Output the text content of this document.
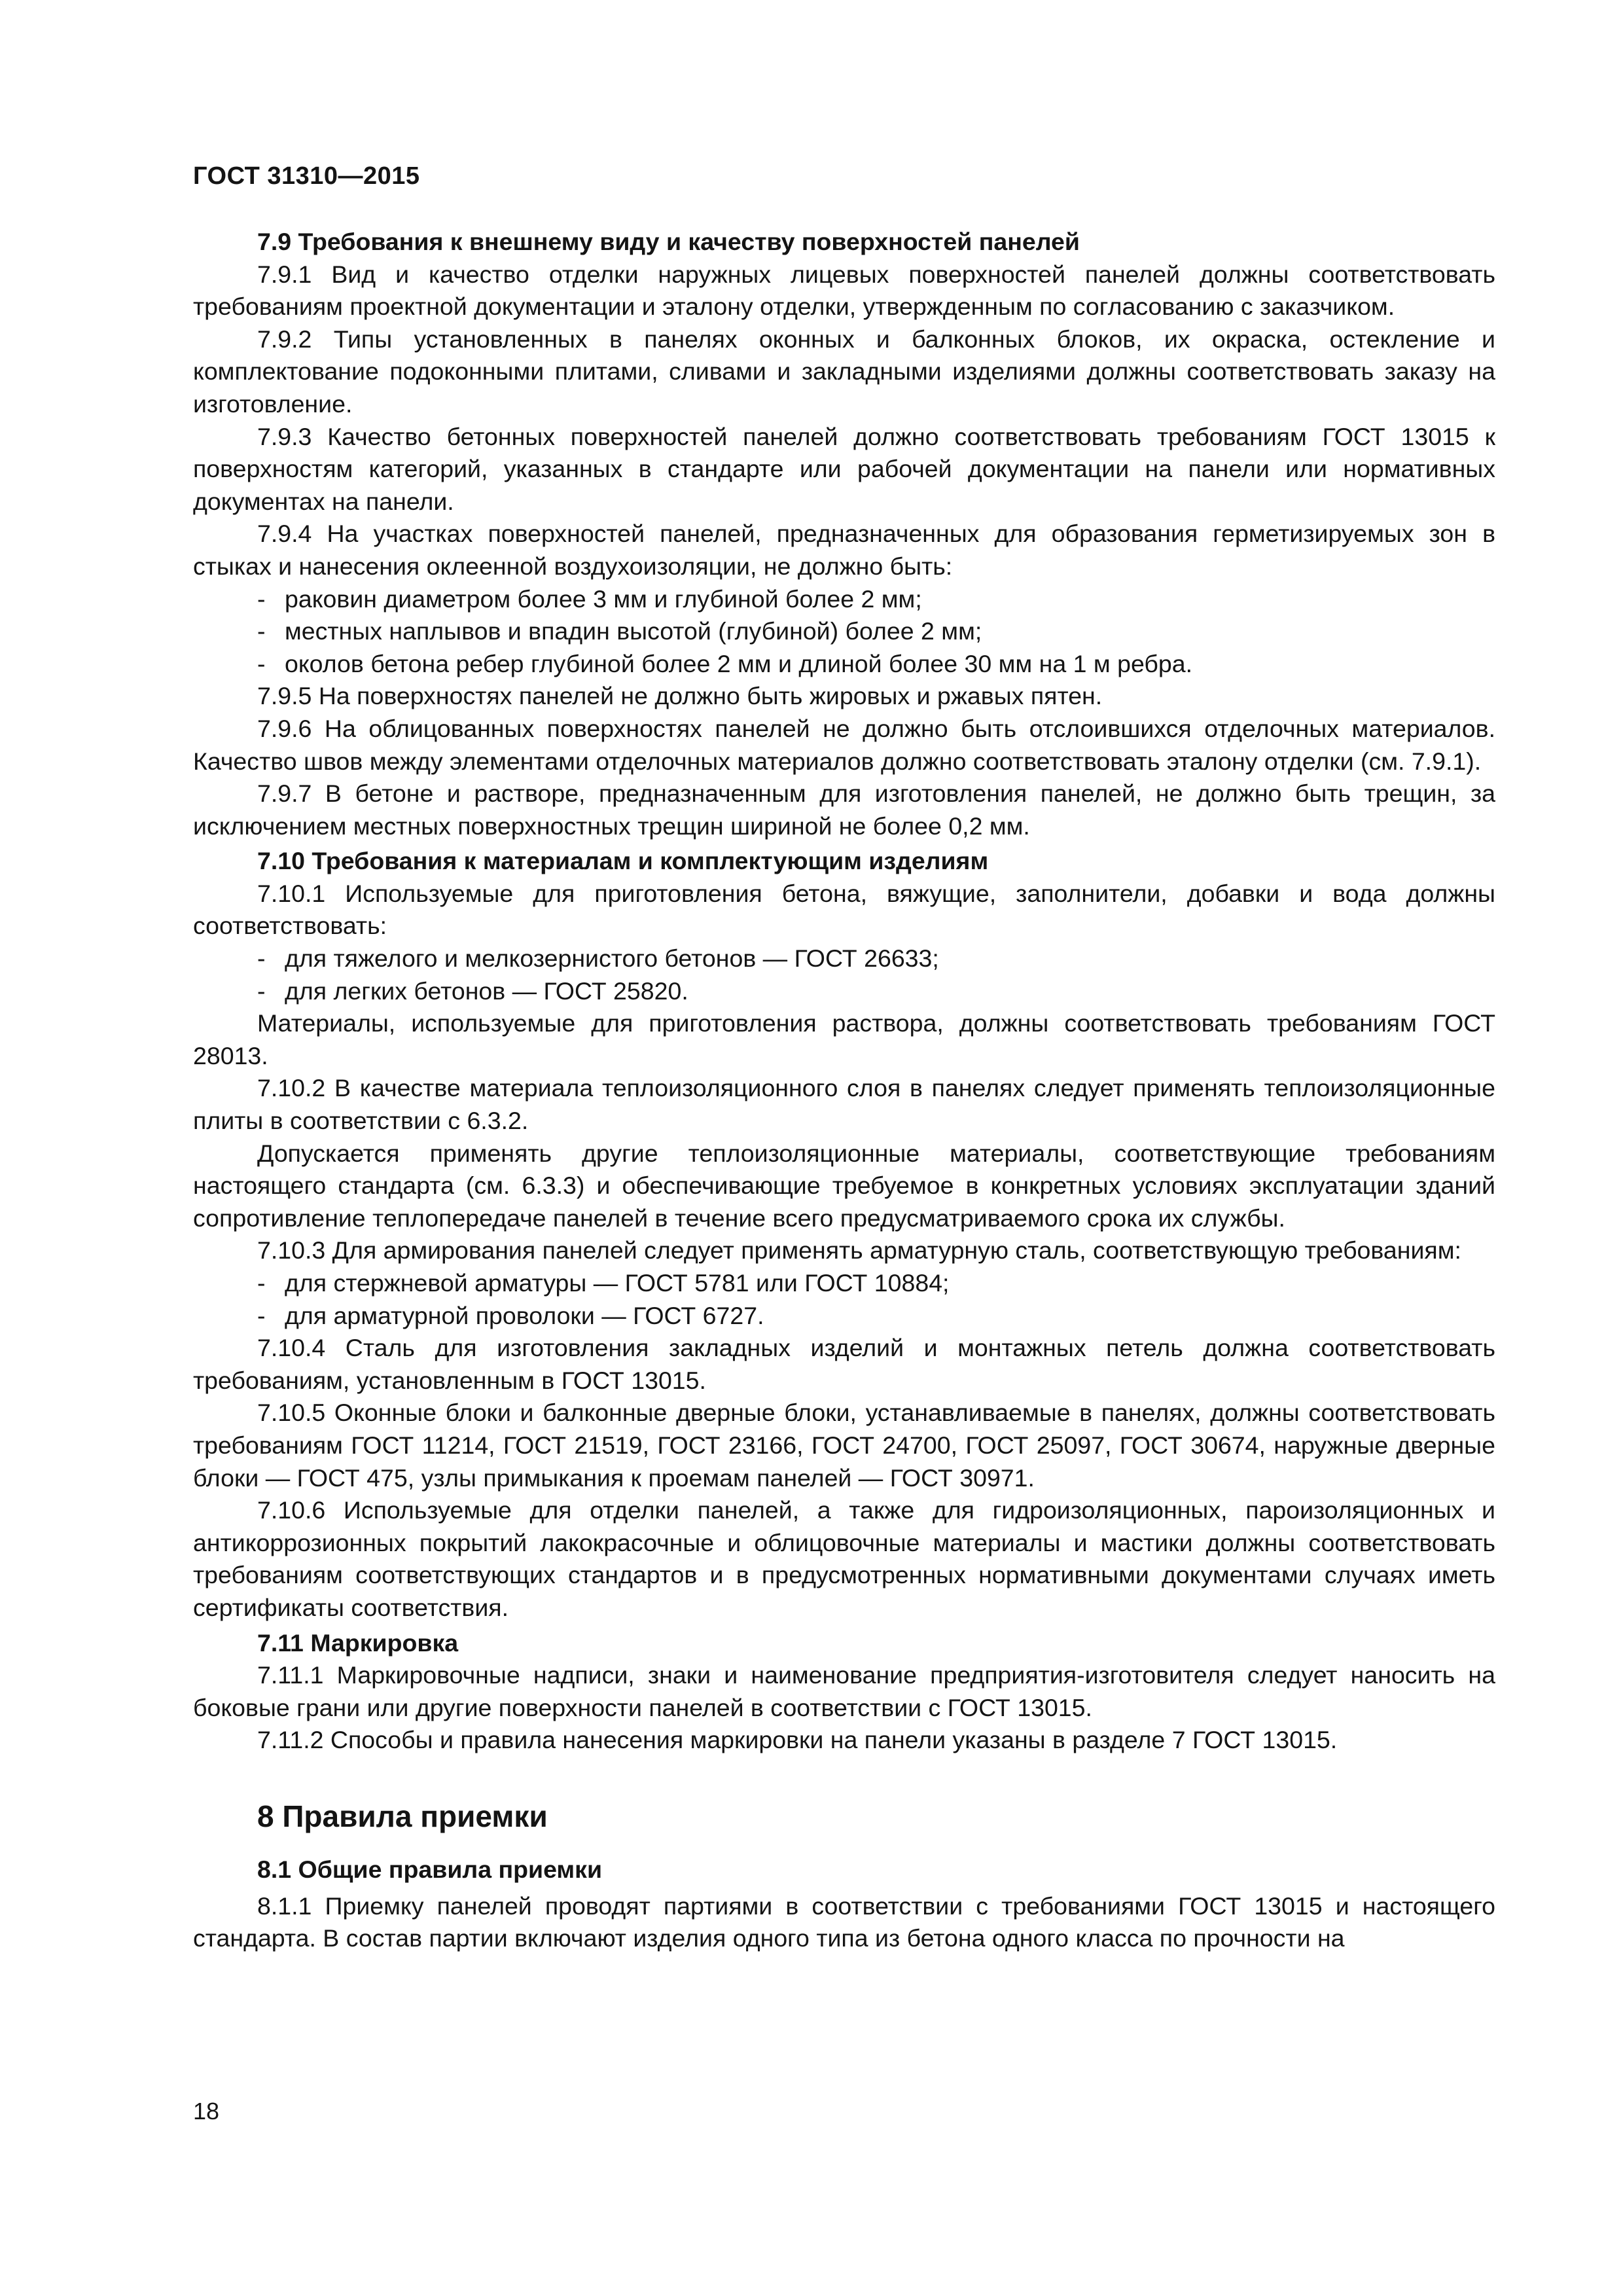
ГОСТ 31310—2015
7.9 Требования к внешнему виду и качеству поверхностей панелей

7.9.1 Вид и качество отделки наружных лицевых поверхностей панелей должны соответствовать требованиям проектной документации и эталону отделки, утвержденным по согласованию с заказчиком.

7.9.2 Типы установленных в панелях оконных и балконных блоков, их окраска, остекление и комплектование подоконными плитами, сливами и закладными изделиями должны соответствовать заказу на изготовление.

7.9.3 Качество бетонных поверхностей панелей должно соответствовать требованиям ГОСТ 13015 к поверхностям категорий, указанных в стандарте или рабочей документации на панели или нормативных документах на панели.

7.9.4 На участках поверхностей панелей, предназначенных для образования герметизируемых зон в стыках и нанесения оклеенной воздухоизоляции, не должно быть:

- раковин диаметром более 3 мм и глубиной более 2 мм;

- местных наплывов и впадин высотой (глубиной) более 2 мм;

- околов бетона ребер глубиной более 2 мм и длиной более 30 мм на 1 м ребра.

7.9.5 На поверхностях панелей не должно быть жировых и ржавых пятен.

7.9.6 На облицованных поверхностях панелей не должно быть отслоившихся отделочных материалов. Качество швов между элементами отделочных материалов должно соответствовать эталону отделки (см. 7.9.1).

7.9.7 В бетоне и растворе, предназначенным для изготовления панелей, не должно быть трещин, за исключением местных поверхностных трещин шириной не более 0,2 мм.

7.10 Требования к материалам и комплектующим изделиям

7.10.1 Используемые для приготовления бетона, вяжущие, заполнители, добавки и вода должны соответствовать:

- для тяжелого и мелкозернистого бетонов — ГОСТ 26633;

- для легких бетонов — ГОСТ 25820.

Материалы, используемые для приготовления раствора, должны соответствовать требованиям ГОСТ 28013.

7.10.2 В качестве материала теплоизоляционного слоя в панелях следует применять теплоизоляционные плиты в соответствии с 6.3.2.

Допускается применять другие теплоизоляционные материалы, соответствующие требованиям настоящего стандарта (см. 6.3.3) и обеспечивающие требуемое в конкретных условиях эксплуатации зданий сопротивление теплопередаче панелей в течение всего предусматриваемого срока их службы.

7.10.3 Для армирования панелей следует применять арматурную сталь, соответствующую требованиям:

- для стержневой арматуры — ГОСТ 5781 или ГОСТ 10884;

- для арматурной проволоки — ГОСТ 6727.

7.10.4 Сталь для изготовления закладных изделий и монтажных петель должна соответствовать требованиям, установленным в ГОСТ 13015.

7.10.5 Оконные блоки и балконные дверные блоки, устанавливаемые в панелях, должны соответствовать требованиям ГОСТ 11214, ГОСТ 21519, ГОСТ 23166, ГОСТ 24700, ГОСТ 25097, ГОСТ 30674, наружные дверные блоки — ГОСТ 475, узлы примыкания к проемам панелей — ГОСТ 30971.

7.10.6 Используемые для отделки панелей, а также для гидроизоляционных, пароизоляционных и антикоррозионных покрытий лакокрасочные и облицовочные материалы и мастики должны соответствовать требованиям соответствующих стандартов и в предусмотренных нормативными документами случаях иметь сертификаты соответствия.

7.11 Маркировка

7.11.1 Маркировочные надписи, знаки и наименование предприятия-изготовителя следует наносить на боковые грани или другие поверхности панелей в соответствии с ГОСТ 13015.

7.11.2 Способы и правила нанесения маркировки на панели указаны в разделе 7 ГОСТ 13015.

8 Правила приемки
8.1 Общие правила приемки

8.1.1 Приемку панелей проводят партиями в соответствии с требованиями ГОСТ 13015 и настоящего стандарта. В состав партии включают изделия одного типа из бетона одного класса по прочности на

18
